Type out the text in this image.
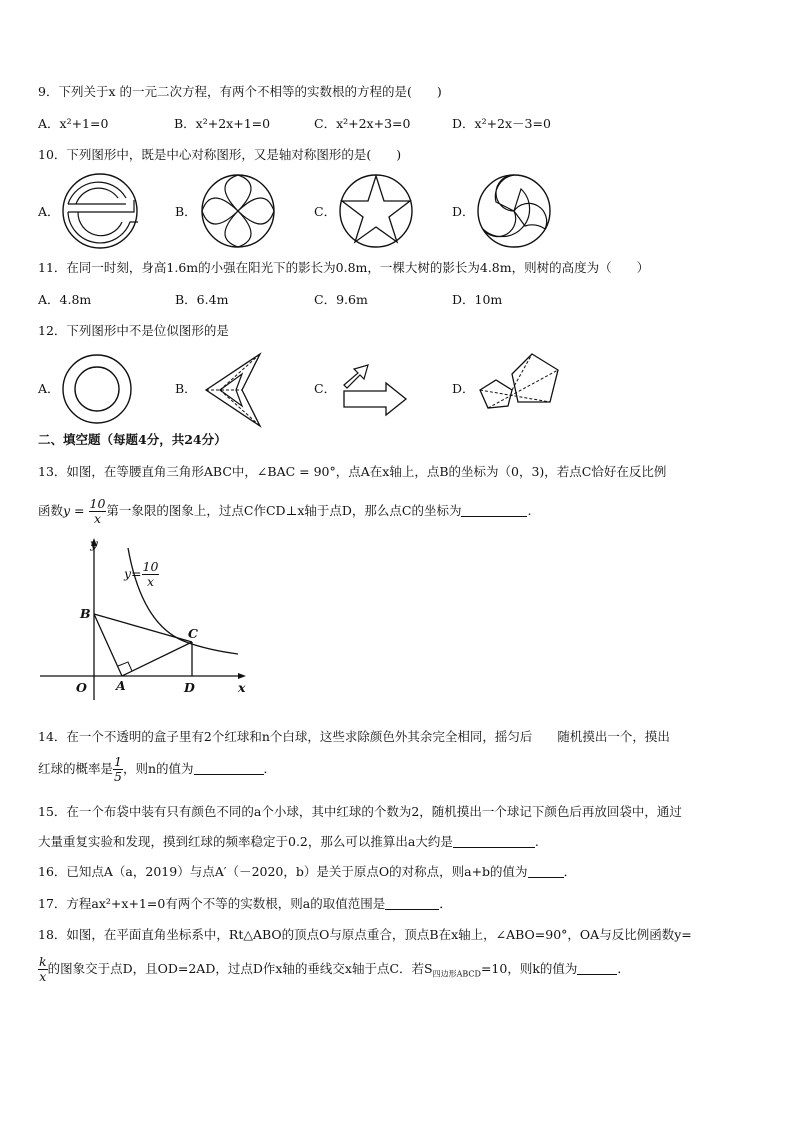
9．下列关于x 的一元二次方程，有两个不相等的实数根的方程的是(　　)
A．x²+1=0	B．x²+2x+1=0	C．x²+2x+3=0	D．x²+2x－3=0
10．下列图形中，既是中心对称图形，又是轴对称图形的是(　　)
A．	B．	C．	D．
11．在同一时刻，身高1.6m的小强在阳光下的影长为0.8m，一棵大树的影长为4.8m，则树的高度为（　　）
A．4.8m	B．6.4m	C．9.6m	D．10m
12．下列图形中不是位似图形的是
A．	B．	C．	D．
二、填空题（每题4分，共24分）
13．如图，在等腰直角三角形ABC中，∠BAC = 90°，点A在x轴上，点B的坐标为（0，3)，若点C恰好在反比例
函数$y = \frac{10}{x}$ 第一象限的图象上，过点C作CD⊥x轴于点D，那么点C的坐标为	.
y
x
$y= \frac{10}{x}$
O A
B
C
D
14．在一个不透明的盒子里有2个红球和n个白球，这些求除颜色外其余完全相同，摇匀后　　随机摸出一个，摸出
红球的概率是 $\frac{1}{5}$ ，则n的值为	．
15．在一个布袋中装有只有颜色不同的a个小球，其中红球的个数为2，随机摸出一个球记下颜色后再放回袋中，通过
大量重复实验和发现，摸到红球的频率稳定于0.2，那么可以推算出a大约是	.
16．已知点A（a，2019）与点A′（－2020，b）是关于原点O的对称点，则a+b的值为	．
17．方程ax²+x+1=0有两个不等的实数根，则a的取值范围是	．
18．如图，在平面直角坐标系中，Rt△ABO的顶点O与原点重合，顶点B在x轴上，∠ABO=90°，OA与反比例函数y=
$\frac{k}{x}$ 的图象交于点D，且OD=2AD，过点D作x轴的垂线交x轴于点C．若$S_{四边形ABCD}=10$，则k的值为	．
